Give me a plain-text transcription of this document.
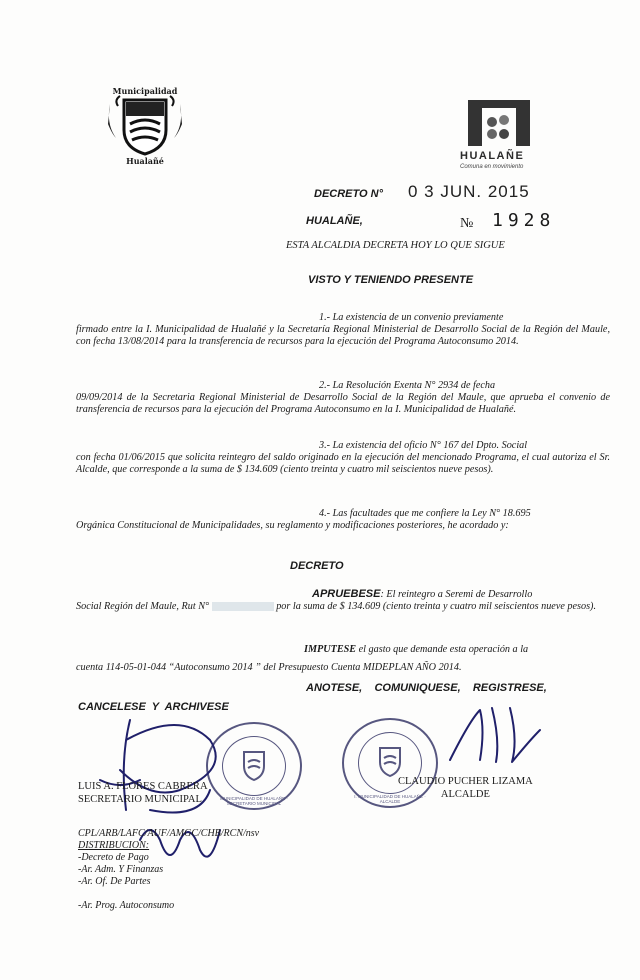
Municipalidad
Hualañé	HUALAÑE
Comuna en movimiento
DECRETO N° 0 3 JUN. 2015
HUALAÑE,	№ 1928
ESTA ALCALDIA DECRETA HOY LO QUE SIGUE
VISTO Y TENIENDO PRESENTE
1.- La existencia de un convenio previamente
firmado entre la I. Municipalidad de Hualañé y la Secretaría Regional Ministerial de Desarrollo Social de la Región del Maule, con fecha 13/08/2014 para la transferencia de recursos para la ejecución del Programa Autoconsumo 2014.
2.- La Resolución Exenta N° 2934 de fecha
09/09/2014 de la Secretaria Regional Ministerial de Desarrollo Social de la Región del Maule, que aprueba el convenio de transferencia de recursos para la ejecución del Programa Autoconsumo en la I. Municipalidad de Hualañé.
3.- La existencia del oficio N° 167 del Dpto. Social
con fecha 01/06/2015 que solicita reintegro del saldo originado en la ejecución del mencionado Programa, el cual autoriza el Sr. Alcalde, que corresponde a la suma de $ 134.609 (ciento treinta y cuatro mil seiscientos nueve pesos).
4.- Las facultades que me confiere la Ley N° 18.695
Orgánica Constitucional de Municipalidades, su reglamento y modificaciones posteriores, he acordado y:
DECRETO
APRUEBESE: El reintegro a Seremi de Desarrollo
Social Región del Maule, Rut N°	por la suma de $ 134.609 (ciento treinta y cuatro mil seiscientos nueve pesos).
IMPUTESE el gasto que demande esta operación a la
cuenta 114-05-01-044 “Autoconsumo 2014 ” del Presupuesto Cuenta MIDEPLAN AÑO 2014.
ANOTESE,    COMUNIQUESE,    REGISTRESE,
CANCELESE  Y  ARCHIVESE
MUNICIPALIDAD DE HUALAÑE · SECRETARIO MUNICIPAL
I. MUNICIPALIDAD DE HUALAÑE · ALCALDE
LUIS A. FLORES CABRERA
SECRETARIO MUNICIPAL
CLAUDIO PUCHER LIZAMA
ALCALDE
CPL/ARB/LAFC/AUF/AMGC/CHB/RCN/nsv
DISTRIBUCION:
-Decreto de Pago
-Ar. Adm. Y Finanzas
-Ar. Of. De Partes
-Ar. Prog. Autoconsumo
